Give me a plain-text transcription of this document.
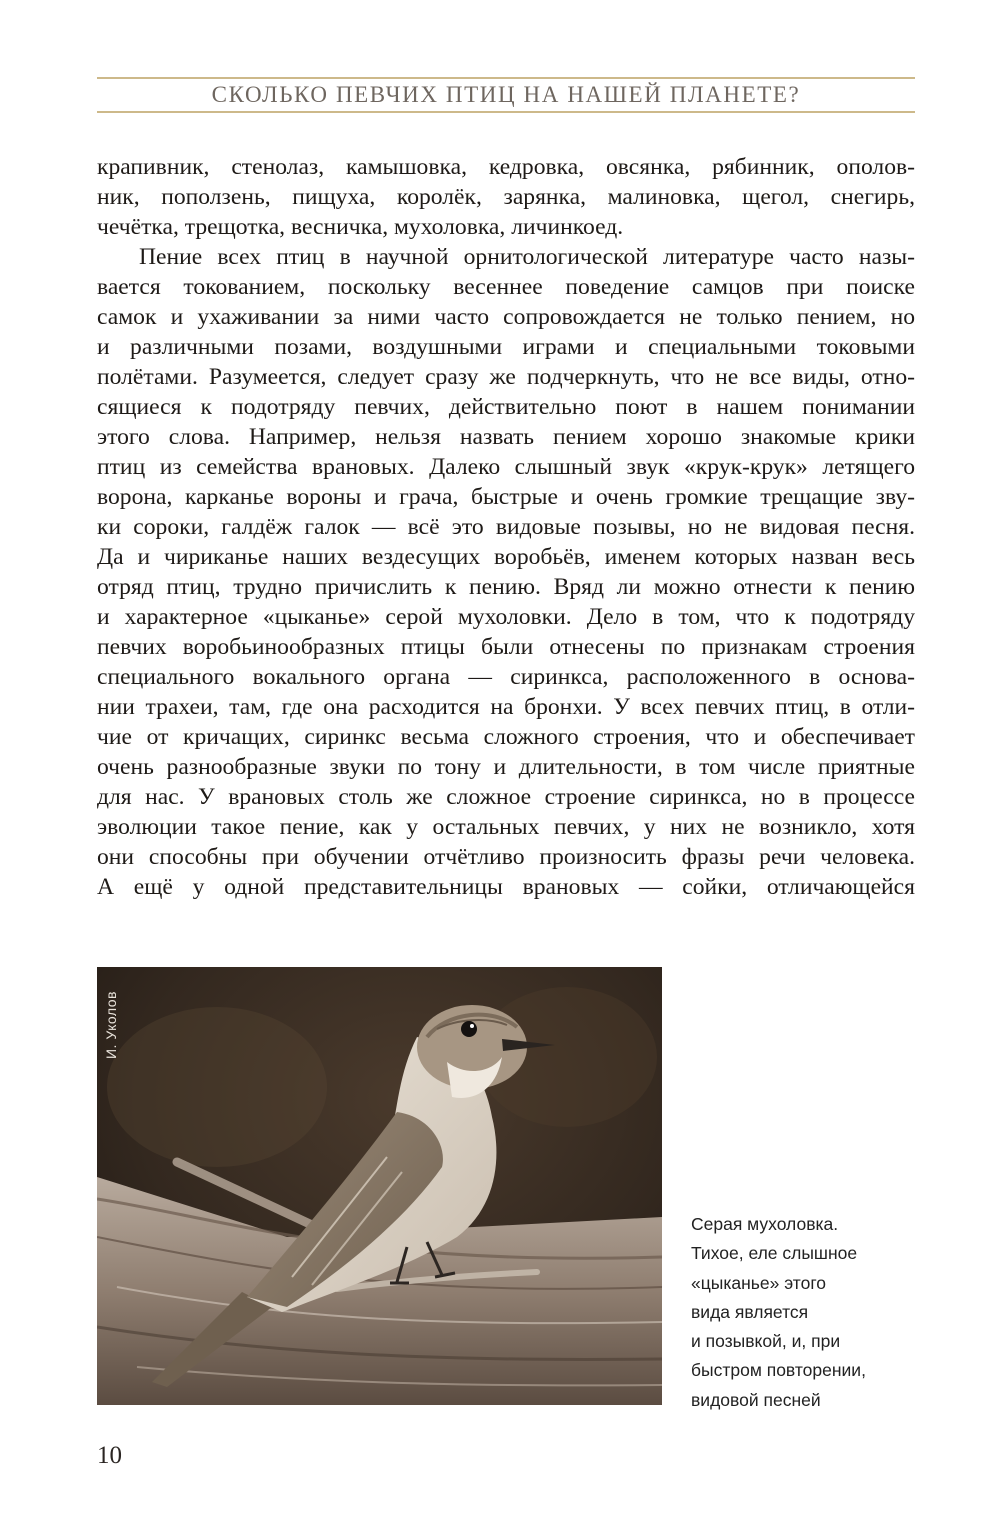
СКОЛЬКО ПЕВЧИХ ПТИЦ НА НАШЕЙ ПЛАНЕТЕ?
крапивник, стенолаз, камышовка, кедровка, овсянка, рябинник, ополов-
ник, поползень, пищуха, королёк, зарянка, малиновка, щегол, снегирь,
чечётка, трещотка, весничка, мухоловка, личинкоед.
Пение всех птиц в научной орнитологической литературе часто назы-
вается токованием, поскольку весеннее поведение самцов при поиске
самок и ухаживании за ними часто сопровождается не только пением, но
и различными позами, воздушными играми и специальными токовыми
полётами. Разумеется, следует сразу же подчеркнуть, что не все виды, отно-
сящиеся к подотряду певчих, действительно поют в нашем понимании
этого слова. Например, нельзя назвать пением хорошо знакомые крики
птиц из семейства врановых. Далеко слышный звук «крук-крук» летящего
ворона, карканье вороны и грача, быстрые и очень громкие трещащие зву-
ки сороки, галдёж галок — всё это видовые позывы, но не видовая песня.
Да и чириканье наших вездесущих воробьёв, именем которых назван весь
отряд птиц, трудно причислить к пению. Вряд ли можно отнести к пению
и характерное «цыканье» серой мухоловки. Дело в том, что к подотряду
певчих воробьинообразных птицы были отнесены по признакам строения
специального вокального органа — сиринкса, расположенного в основа-
нии трахеи, там, где она расходится на бронхи. У всех певчих птиц, в отли-
чие от кричащих, сиринкс весьма сложного строения, что и обеспечивает
очень разнообразные звуки по тону и длительности, в том числе приятные
для нас. У врановых столь же сложное строение сиринкса, но в процессе
эволюции такое пение, как у остальных певчих, у них не возникло, хотя
они способны при обучении отчётливо произносить фразы речи человека.
А ещё у одной представительницы врановых — сойки, отличающейся
И. Уколов
Серая мухоловка.
Тихое, еле слышное
«цыканье» этого
вида является
и позывкой, и, при
быстром повторении,
видовой песней
10
